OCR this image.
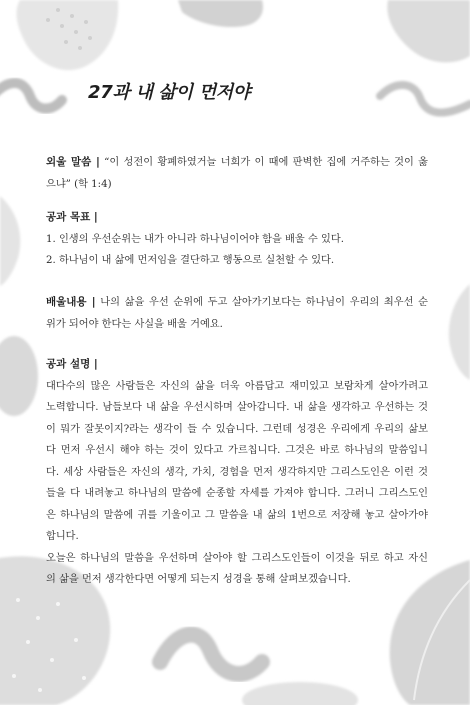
27과 내 삶이 먼저야
외울 말씀 | “이 성전이 황폐하였거늘 너희가 이 때에 판벽한 집에 거주하는 것이 옳
으냐” (학 1:4)
공과 목표 |
1. 인생의 우선순위는 내가 아니라 하나님이어야 함을 배울 수 있다.
2. 하나님이 내 삶에 먼저임을 결단하고 행동으로 실천할 수 있다.
배울내용 | 나의 삶을 우선 순위에 두고 살아가기보다는 하나님이 우리의 최우선 순
위가 되어야 한다는 사실을 배울 거예요.
공과 설명 |
대다수의 많은 사람들은 자신의 삶을 더욱 아름답고 재미있고 보람차게 살아가려고
노력합니다. 남들보다 내 삶을 우선시하며 살아갑니다. 내 삶을 생각하고 우선하는 것
이 뭐가 잘못이지?라는 생각이 들 수 있습니다. 그런데 성경은 우리에게 우리의 삶보
다 먼저 우선시 해야 하는 것이 있다고 가르칩니다. 그것은 바로 하나님의 말씀입니
다. 세상 사람들은 자신의 생각, 가치, 경험을 먼저 생각하지만 그리스도인은 이런 것
들을 다 내려놓고 하나님의 말씀에 순종할 자세를 가져야 합니다. 그러니 그리스도인
은 하나님의 말씀에 귀를 기울이고 그 말씀을 내 삶의 1번으로 저장해 놓고 살아가야
합니다.
오늘은 하나님의 말씀을 우선하며 살아야 할 그리스도인들이 이것을 뒤로 하고 자신
의 삶을 먼저 생각한다면 어떻게 되는지 성경을 통해 살펴보겠습니다.
